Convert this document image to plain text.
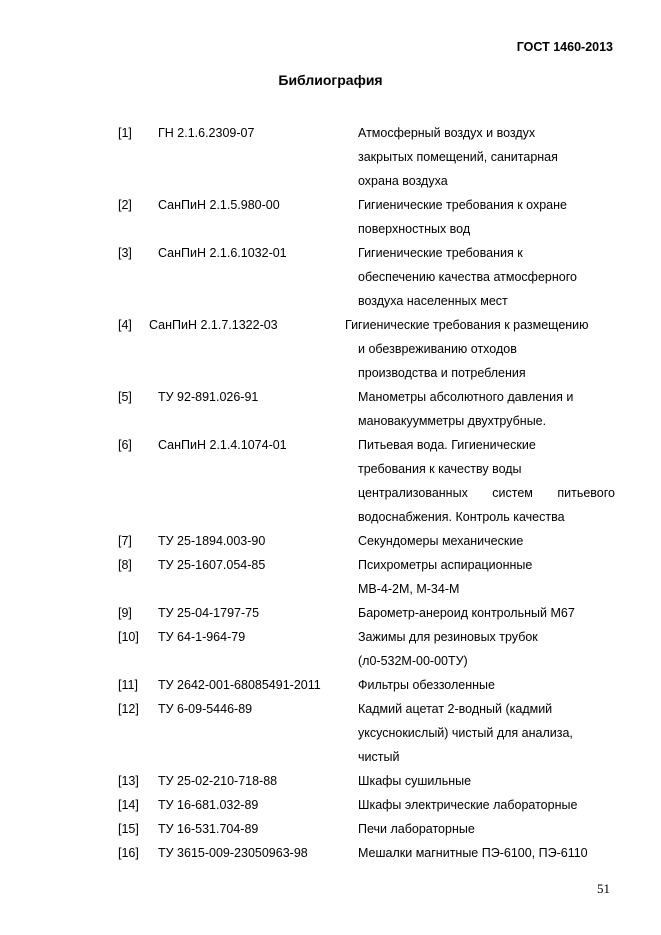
ГОСТ 1460-2013
Библиография
[1] ГН 2.1.6.2309-07	Атмосферный воздух и воздух
закрытых помещений, санитарная
охрана воздуха
[2] СанПиН 2.1.5.980-00	Гигиенические требования к охране
поверхностных вод
[3] СанПиН 2.1.6.1032-01	Гигиенические требования к
обеспечению качества атмосферного
воздуха населенных мест
[4] СанПиН 2.1.7.1322-03	Гигиенические требования к размещению
и обезвреживанию отходов
производства и потребления
[5] ТУ 92-891.026-91	Манометры абсолютного давления и
мановакуумметры двухтрубные.
[6] СанПиН 2.1.4.1074-01	Питьевая вода. Гигиенические
требования к качеству воды
централизованных систем питьевого
водоснабжения. Контроль качества
[7] ТУ 25-1894.003-90	Секундомеры механические
[8] ТУ 25-1607.054-85	Психрометры аспирационные
МВ-4-2М, М-34-М
[9] ТУ 25-04-1797-75	Барометр-анероид контрольный М67
[10] ТУ 64-1-964-79	Зажимы для резиновых трубок
(л0-532М-00-00ТУ)
[11] ТУ 2642-001-68085491-2011	Фильтры обеззоленные
[12] ТУ 6-09-5446-89	Кадмий ацетат 2-водный (кадмий
уксуснокислый) чистый для анализа,
чистый
[13] ТУ 25-02-210-718-88	Шкафы сушильные
[14] ТУ 16-681.032-89	Шкафы электрические лабораторные
[15] ТУ 16-531.704-89	Печи лабораторные
[16] ТУ 3615-009-23050963-98	Мешалки магнитные ПЭ-6100, ПЭ-6110
51
